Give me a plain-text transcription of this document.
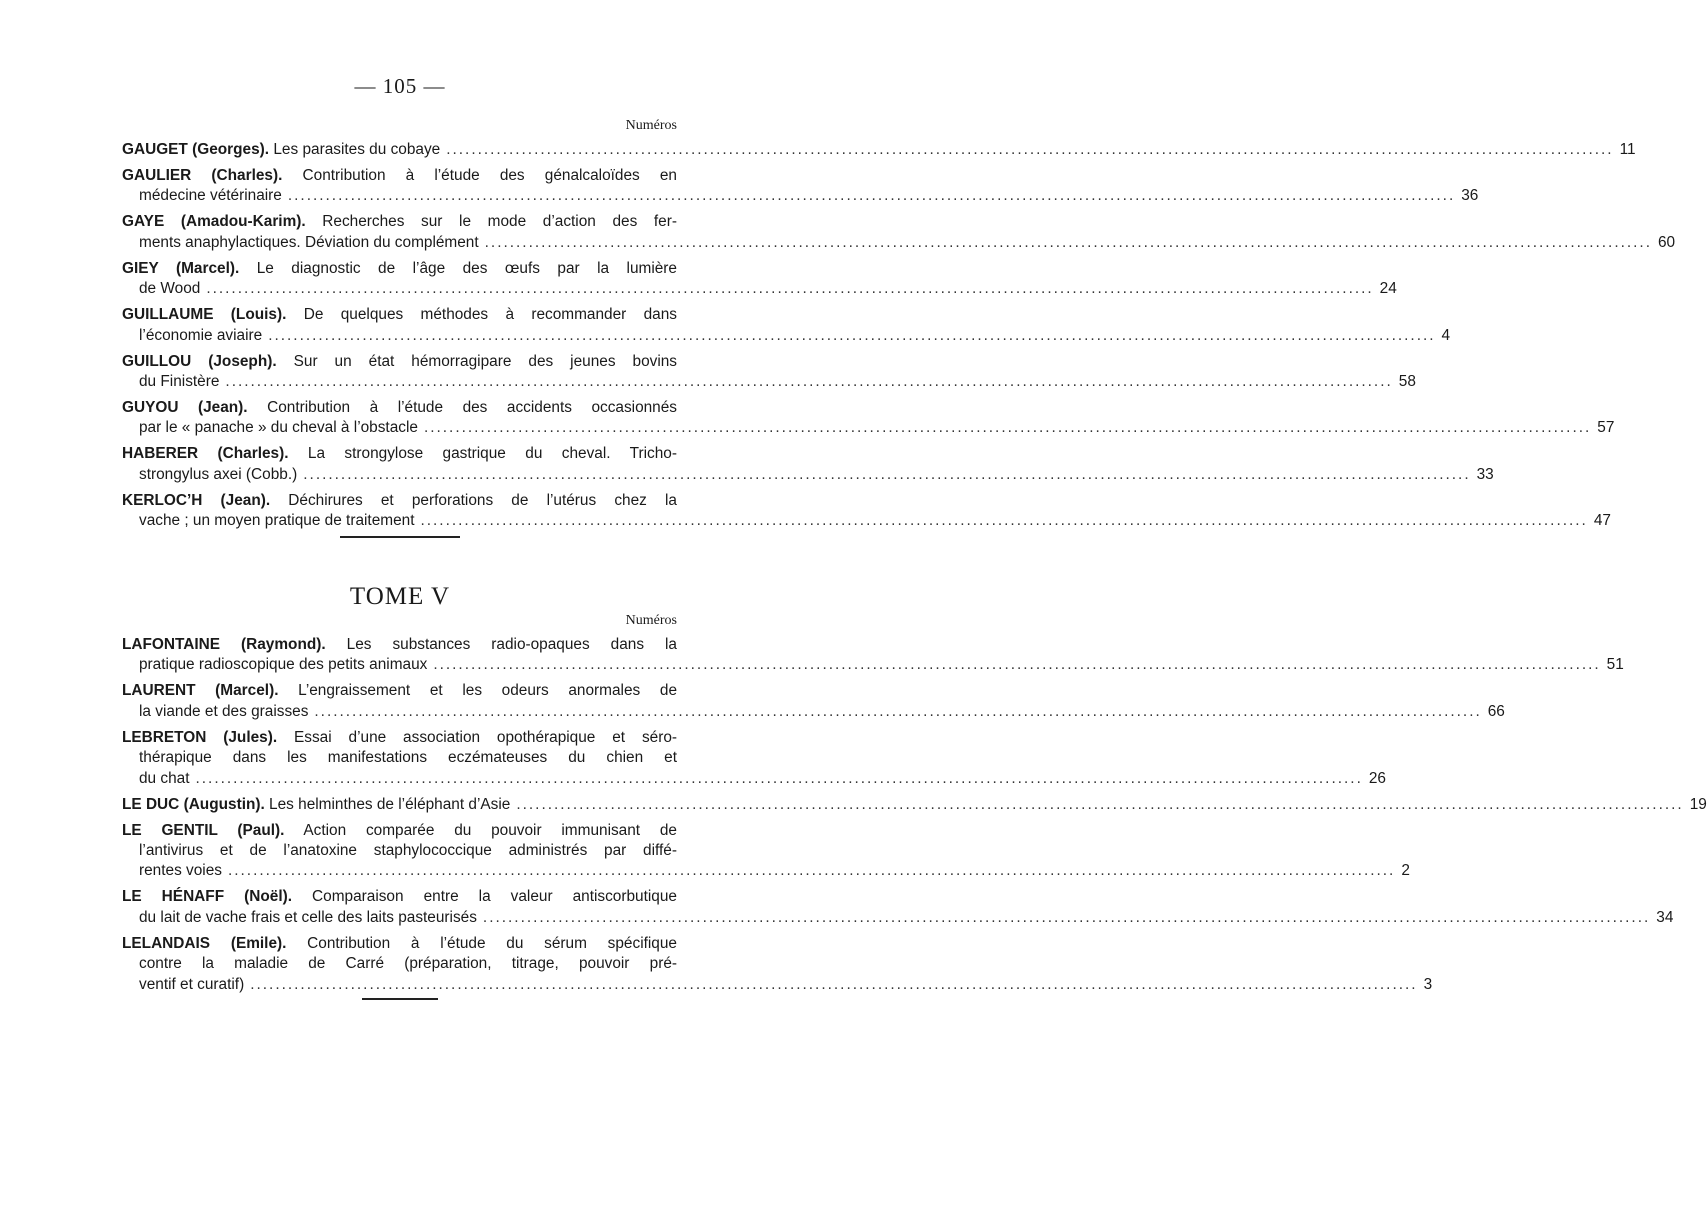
— 105 —
Numéros
GAUGET (Georges). Les parasites du cobaye .......................................................................................................................................................................................... 11
GAULIER (Charles). Contribution à l’étude des génalcaloïdes en
médecine vétérinaire .......................................................................................................................................................................................... 36
GAYE (Amadou-Karim). Recherches sur le mode d’action des fer-
ments anaphylactiques. Déviation du complément .......................................................................................................................................................................................... 60
GIEY (Marcel). Le diagnostic de l’âge des œufs par la lumière
de Wood .......................................................................................................................................................................................... 24
GUILLAUME (Louis). De quelques méthodes à recommander dans
l’économie aviaire .......................................................................................................................................................................................... 4
GUILLOU (Joseph). Sur un état hémorragipare des jeunes bovins
du Finistère .......................................................................................................................................................................................... 58
GUYOU (Jean). Contribution à l’étude des accidents occasionnés
par le « panache » du cheval à l’obstacle .......................................................................................................................................................................................... 57
HABERER (Charles). La strongylose gastrique du cheval. Tricho-
strongylus axei (Cobb.) .......................................................................................................................................................................................... 33
KERLOC’H (Jean). Déchirures et perforations de l’utérus chez la
vache ; un moyen pratique de traitement .......................................................................................................................................................................................... 47
TOME V
Numéros
LAFONTAINE (Raymond). Les substances radio-opaques dans la
pratique radioscopique des petits animaux .......................................................................................................................................................................................... 51
LAURENT (Marcel). L’engraissement et les odeurs anormales de
la viande et des graisses .......................................................................................................................................................................................... 66
LEBRETON (Jules). Essai d’une association opothérapique et séro-
thérapique dans les manifestations eczémateuses du chien et
du chat .......................................................................................................................................................................................... 26
LE DUC (Augustin). Les helminthes de l’éléphant d’Asie .......................................................................................................................................................................................... 19
LE GENTIL (Paul). Action comparée du pouvoir immunisant de
l’antivirus et de l’anatoxine staphylococcique administrés par diffé-
rentes voies .......................................................................................................................................................................................... 2
LE HÉNAFF (Noël). Comparaison entre la valeur antiscorbutique
du lait de vache frais et celle des laits pasteurisés .......................................................................................................................................................................................... 34
LELANDAIS (Emile). Contribution à l’étude du sérum spécifique
contre la maladie de Carré (préparation, titrage, pouvoir pré-
ventif et curatif) .......................................................................................................................................................................................... 3
